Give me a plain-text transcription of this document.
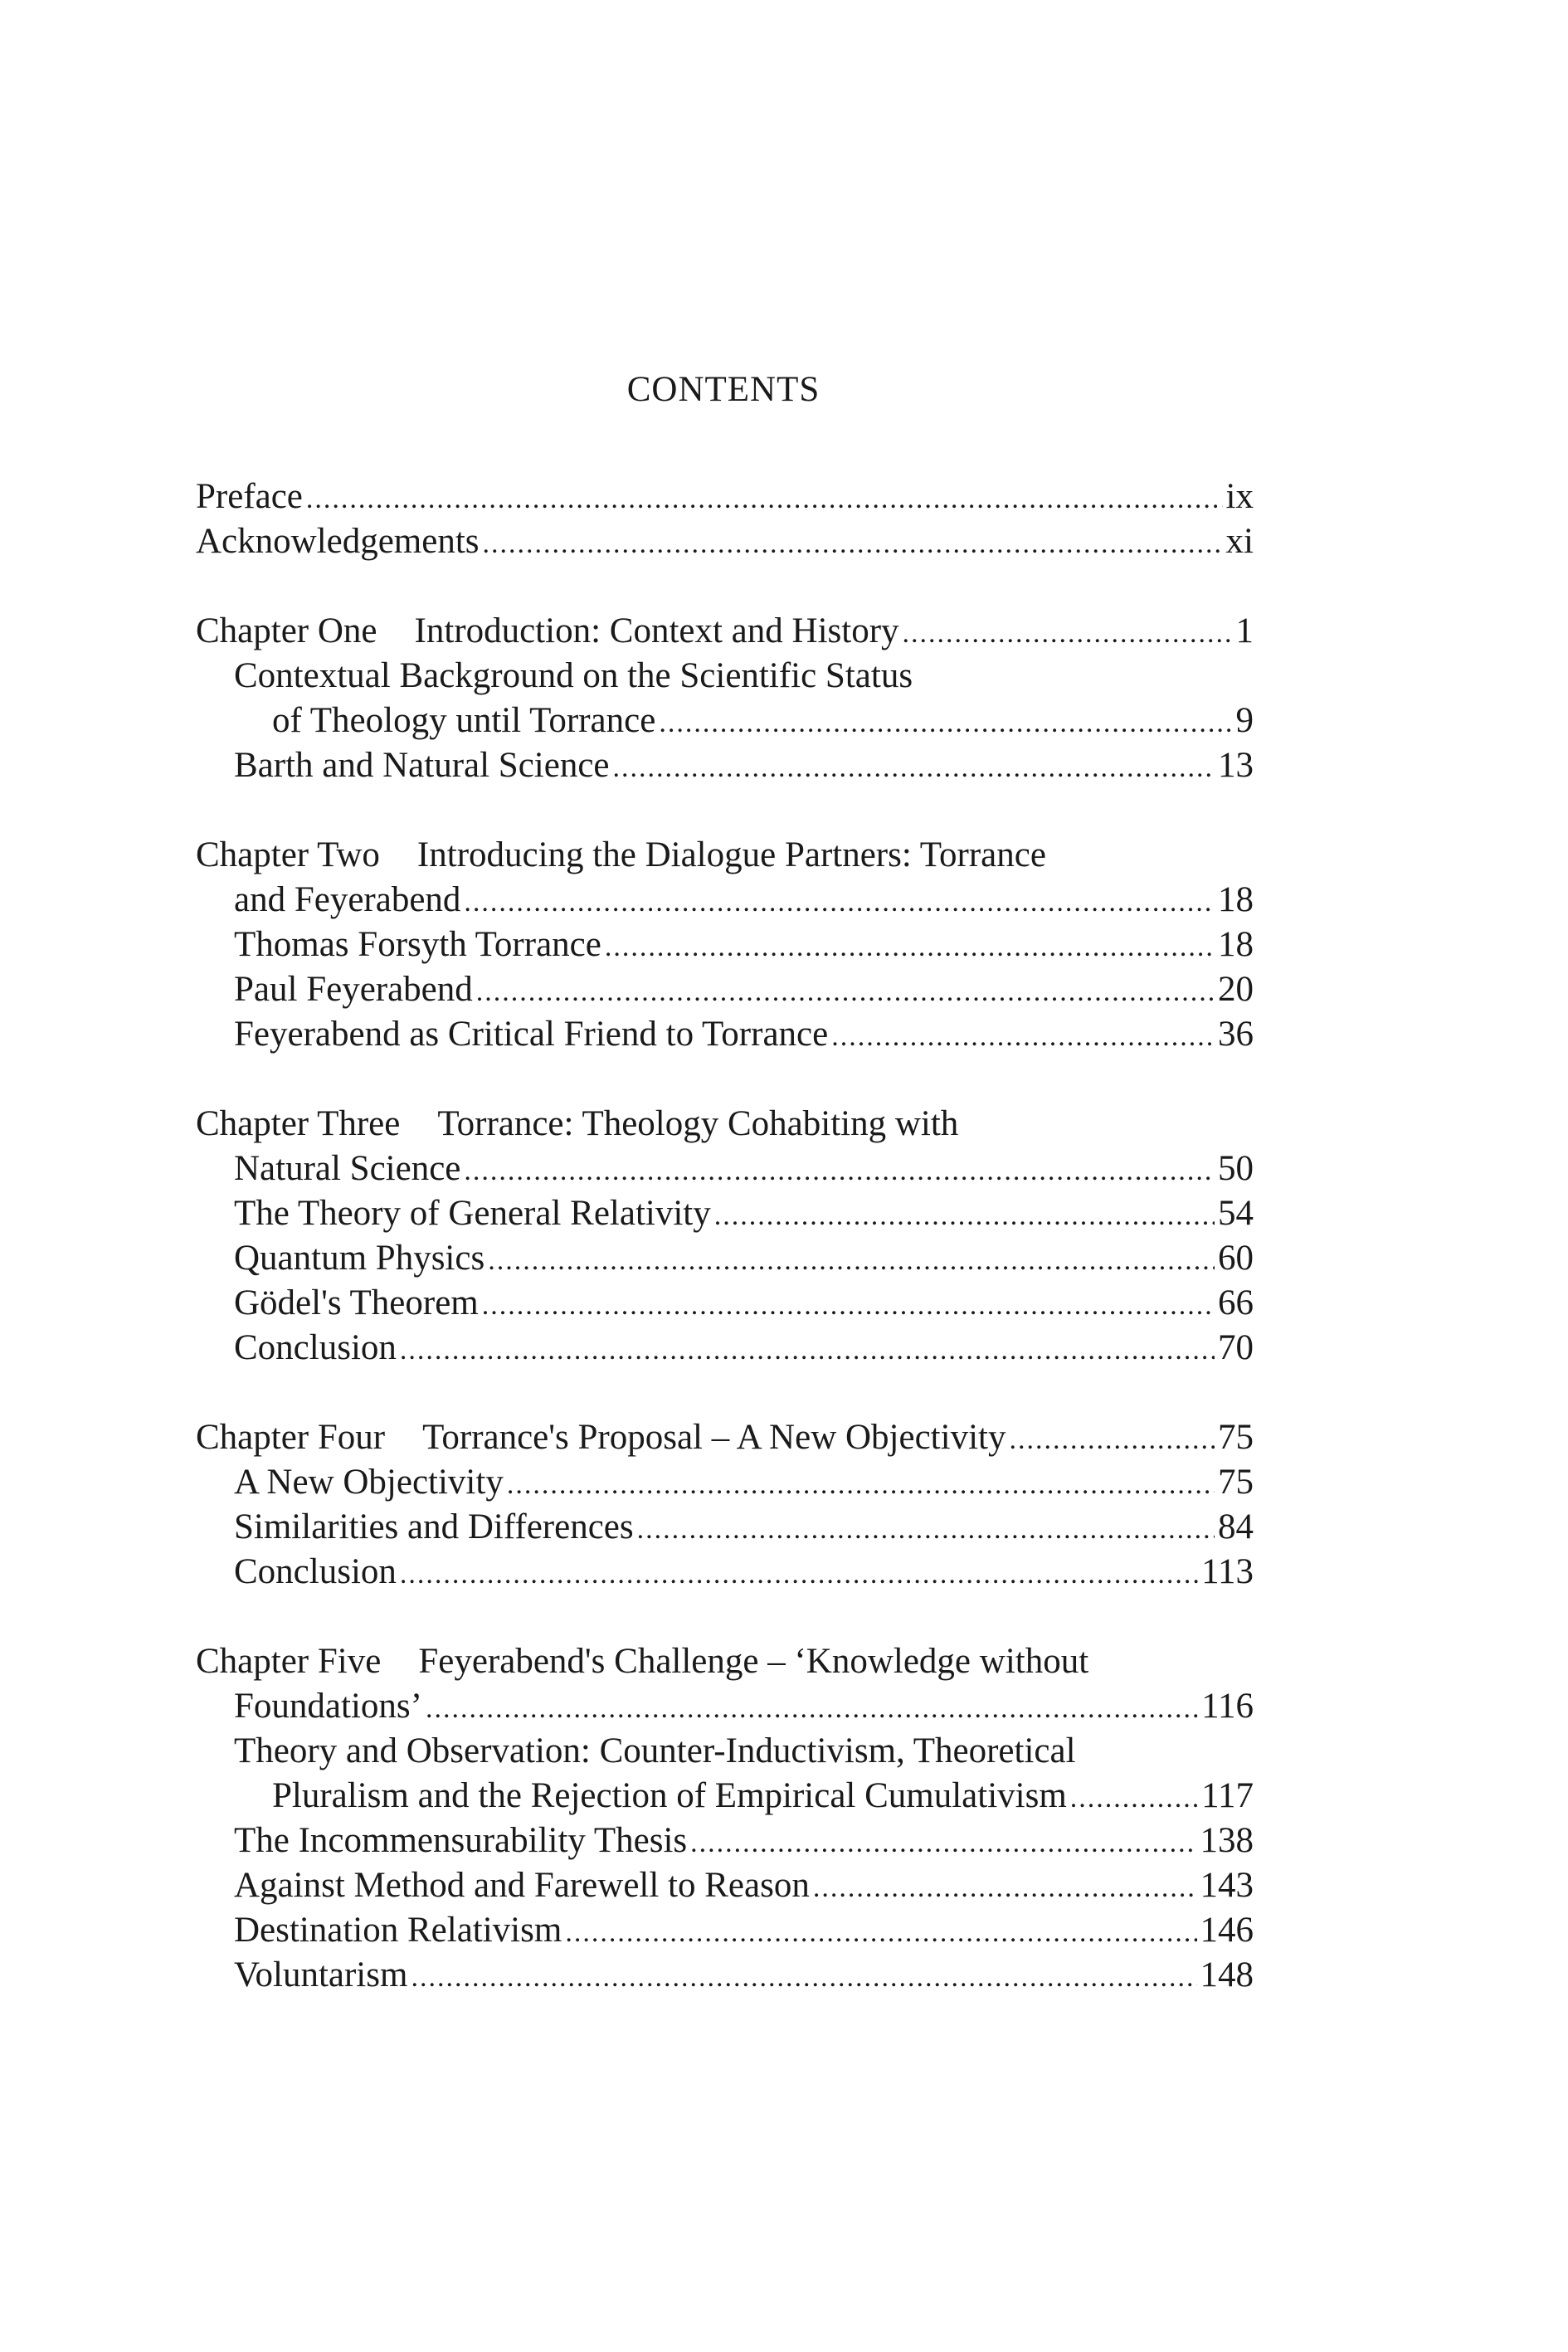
CONTENTS
Preface .....	ix
Acknowledgements .....	xi
Chapter One Introduction: Context and History .....	1
Contextual Background on the Scientific Status
of Theology until Torrance .....	9
Barth and Natural Science .....	13
Chapter Two Introducing the Dialogue Partners: Torrance
and Feyerabend .....	18
Thomas Forsyth Torrance .....	18
Paul Feyerabend .....	20
Feyerabend as Critical Friend to Torrance .....	36
Chapter Three Torrance: Theology Cohabiting with
Natural Science .....	50
The Theory of General Relativity .....	54
Quantum Physics .....	60
Gödel's Theorem .....	66
Conclusion .....	70
Chapter Four Torrance's Proposal – A New Objectivity .....	75
A New Objectivity .....	75
Similarities and Differences .....	84
Conclusion .....	113
Chapter Five Feyerabend's Challenge – ‘Knowledge without
Foundations’ .....	116
Theory and Observation: Counter-Inductivism, Theoretical
Pluralism and the Rejection of Empirical Cumulativism .....	117
The Incommensurability Thesis .....	138
Against Method and Farewell to Reason .....	143
Destination Relativism .....	146
Voluntarism .....	148
